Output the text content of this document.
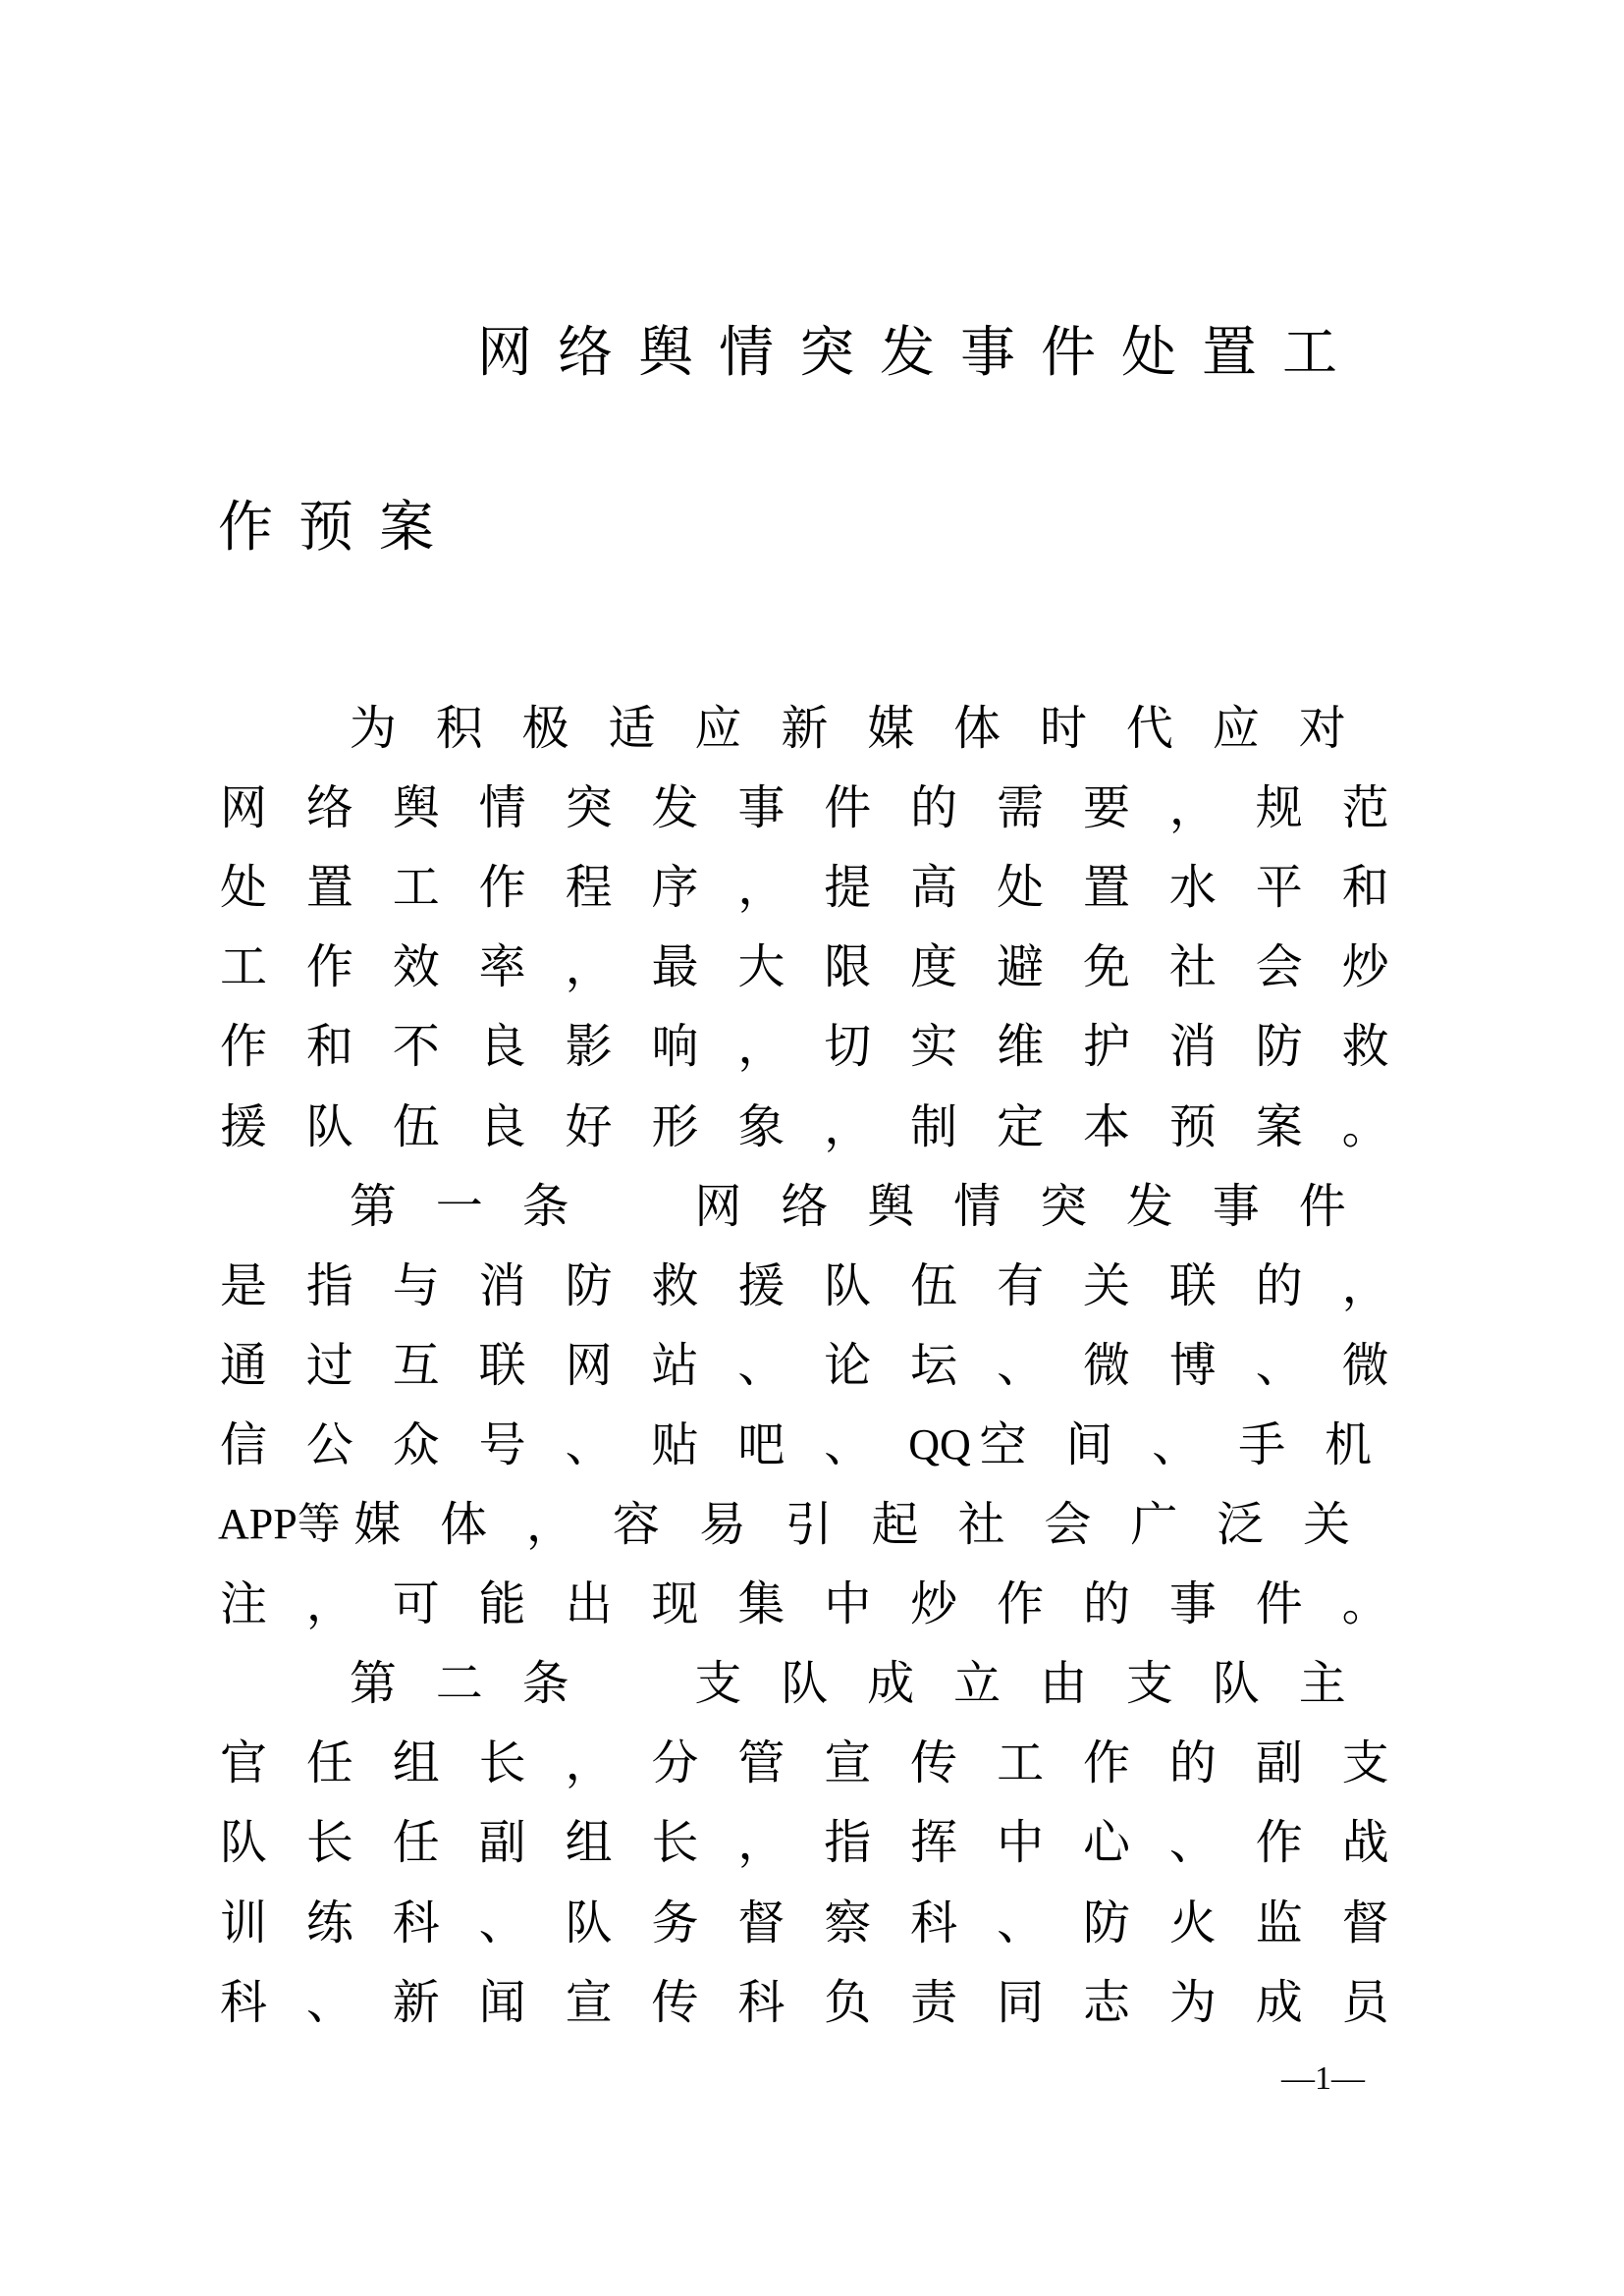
网 络 舆 情 突 发 事 件 处 置 工
作 预 案
为 积 极 适 应 新 媒 体 时 代 应 对
网 络 舆 情 突 发 事 件 的 需 要 ， 规 范
处 置 工 作 程 序 ， 提 高 处 置 水 平 和
工 作 效 率 ， 最 大 限 度 避 免 社 会 炒
作 和 不 良 影 响 ， 切 实 维 护 消 防 救
援 队 伍 良 好 形 象 ， 制 定 本 预 案 。
第 一 条	网 络 舆 情 突 发 事 件
是 指 与 消 防 救 援 队 伍 有 关 联 的 ，
通 过 互 联 网 站 、 论 坛 、 微 博 、 微
信 公 众 号 、 贴 吧 、 QQ 空 间 、 手 机
APP等 媒 体 ， 容 易 引 起 社 会 广 泛 关
注 ， 可 能 出 现 集 中 炒 作 的 事 件 。
第 二 条	支 队 成 立 由 支 队 主
官 任 组 长 ， 分 管 宣 传 工 作 的 副 支
队 长 任 副 组 长 ， 指 挥 中 心 、 作 战
训 练 科 、 队 务 督 察 科 、 防 火 监 督
科 、 新 闻 宣 传 科 负 责 同 志 为 成 员
—1—
